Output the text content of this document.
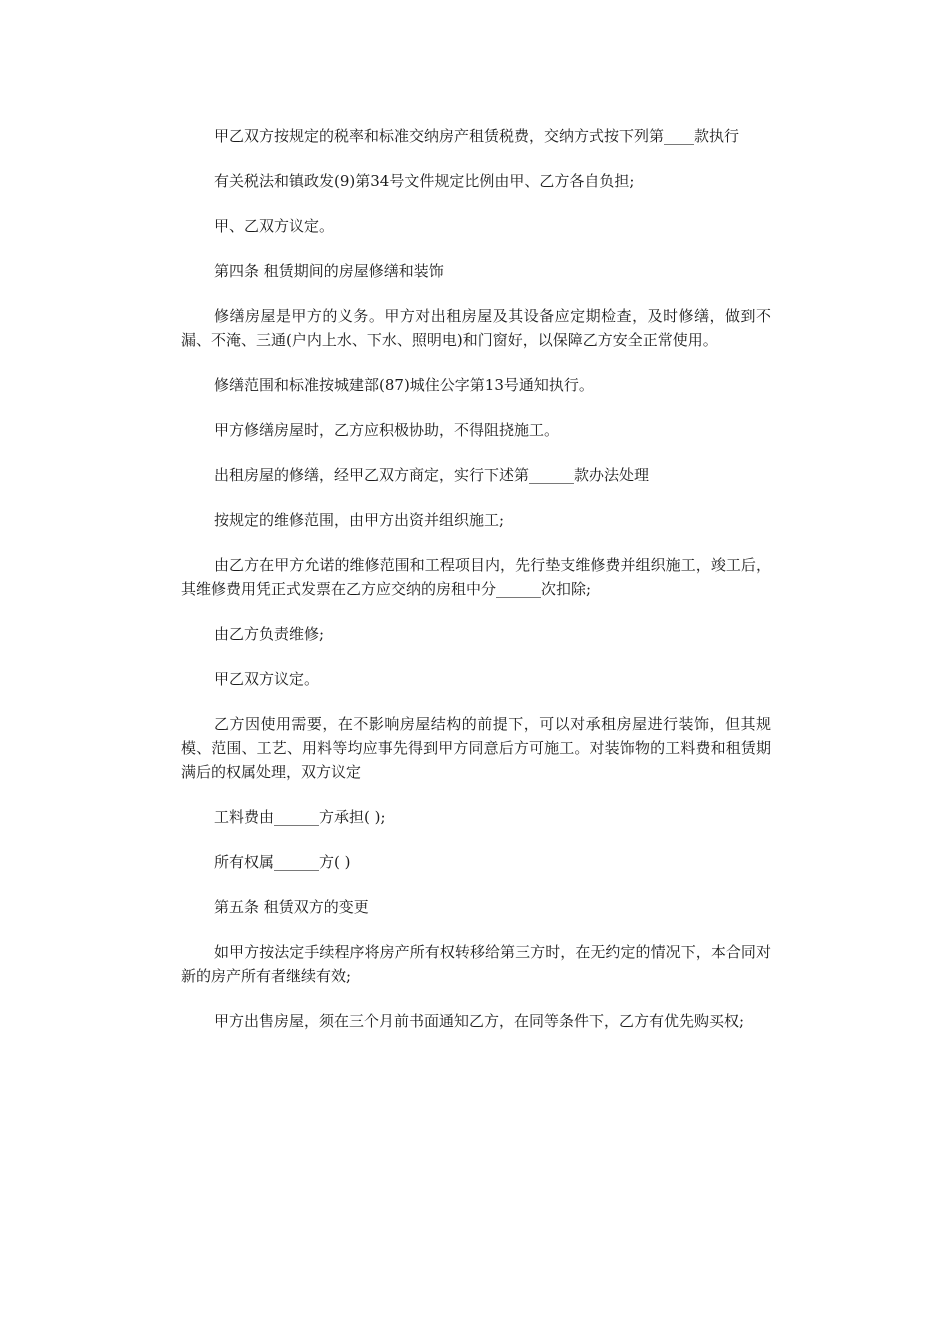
甲乙双方按规定的税率和标准交纳房产租赁税费，交纳方式按下列第____款执行

有关税法和镇政发(9)第34号文件规定比例由甲、乙方各自负担;

甲、乙双方议定。

第四条 租赁期间的房屋修缮和装饰

修缮房屋是甲方的义务。甲方对出租房屋及其设备应定期检查，及时修缮，做到不漏、不淹、三通(户内上水、下水、照明电)和门窗好，以保障乙方安全正常使用。

修缮范围和标准按城建部(87)城住公字第13号通知执行。

甲方修缮房屋时，乙方应积极协助，不得阻挠施工。

出租房屋的修缮，经甲乙双方商定，实行下述第______款办法处理

按规定的维修范围，由甲方出资并组织施工;

由乙方在甲方允诺的维修范围和工程项目内，先行垫支维修费并组织施工，竣工后，其维修费用凭正式发票在乙方应交纳的房租中分______次扣除;

由乙方负责维修;

甲乙双方议定。

乙方因使用需要，在不影响房屋结构的前提下，可以对承租房屋进行装饰，但其规模、范围、工艺、用料等均应事先得到甲方同意后方可施工。对装饰物的工料费和租赁期满后的权属处理，双方议定

工料费由______方承担( );

所有权属______方( )

第五条 租赁双方的变更

如甲方按法定手续程序将房产所有权转移给第三方时，在无约定的情况下，本合同对新的房产所有者继续有效;

甲方出售房屋，须在三个月前书面通知乙方，在同等条件下，乙方有优先购买权;
